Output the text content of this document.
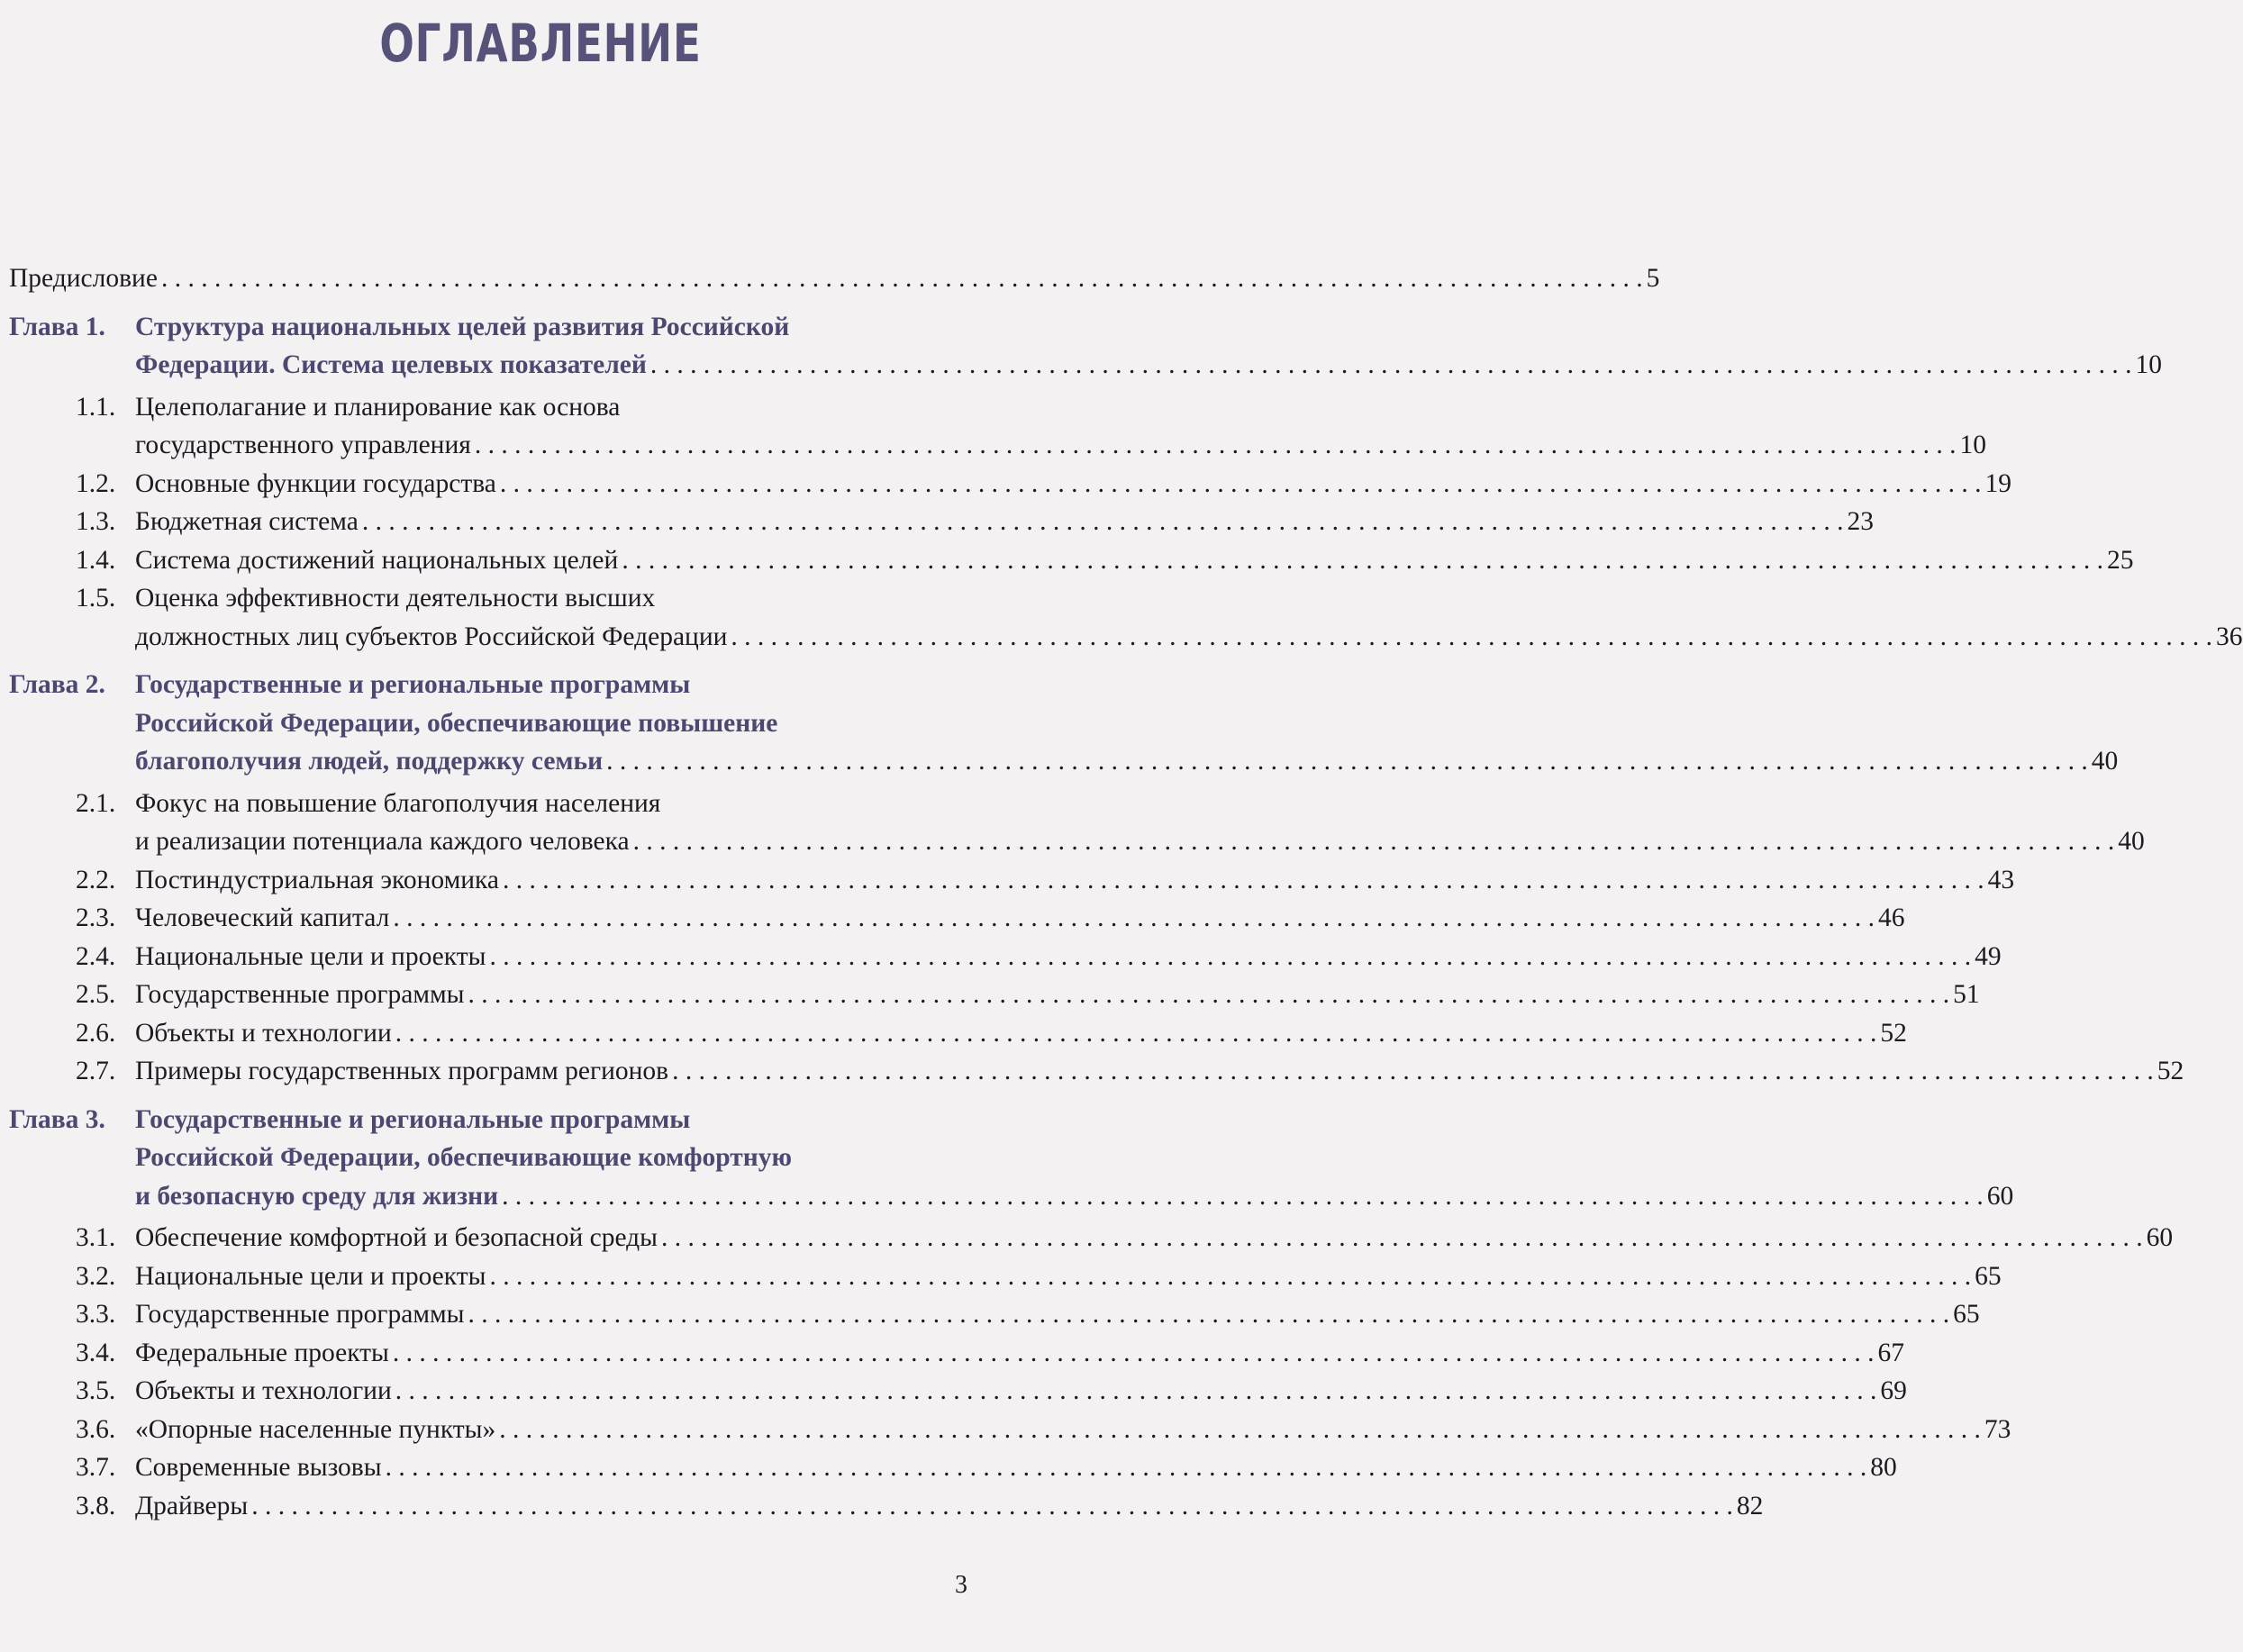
ОГЛАВЛЕНИЕ
Предисловие . . .	5
Глава 1.	Структура национальных целей развития Российской
Федерации. Система целевых показателей . . .	10
1.1. Целеполагание и планирование как основа
государственного управления . . .	10
1.2. Основные функции государства . . .	19
1.3. Бюджетная система . . .	23
1.4. Система достижений национальных целей . . .	25
1.5. Оценка эффективности деятельности высших
должностных лиц субъектов Российской Федерации . . .	36
Глава 2.	Государственные и региональные программы
Российской Федерации, обеспечивающие повышение
благополучия людей, поддержку семьи . . .	40
2.1. Фокус на повышение благополучия населения
и реализации потенциала каждого человека . . .	40
2.2. Постиндустриальная экономика . . .	43
2.3. Человеческий капитал . . .	46
2.4. Национальные цели и проекты . . .	49
2.5. Государственные программы . . .	51
2.6. Объекты и технологии . . .	52
2.7. Примеры государственных программ регионов . . .	52
Глава 3.	Государственные и региональные программы
Российской Федерации, обеспечивающие комфортную
и безопасную среду для жизни . . .	60
3.1. Обеспечение комфортной и безопасной среды . . .	60
3.2. Национальные цели и проекты . . .	65
3.3. Государственные программы . . .	65
3.4. Федеральные проекты . . .	67
3.5. Объекты и технологии . . .	69
3.6. «Опорные населенные пункты» . . .	73
3.7. Современные вызовы . . .	80
3.8. Драйверы . . .	82
3
